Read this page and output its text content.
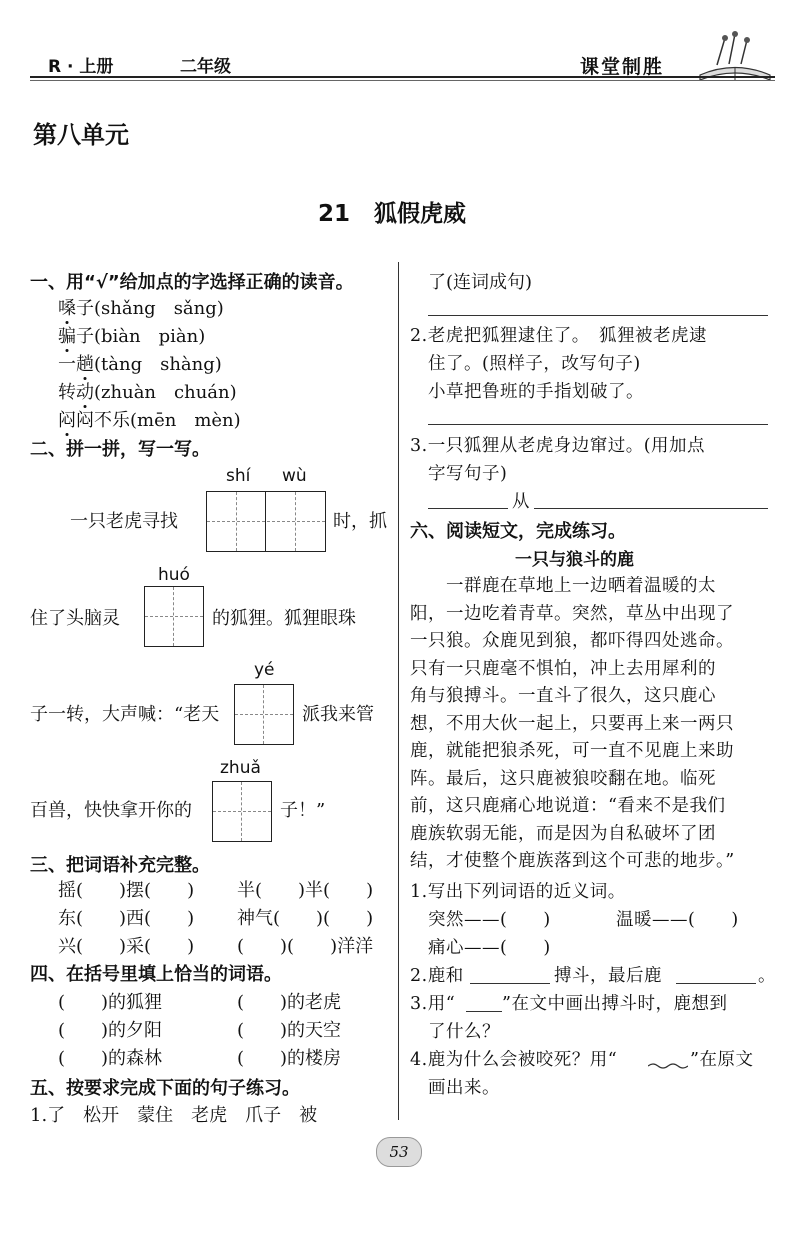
R · 上册	二年级	课堂制胜
第八单元
21 狐假虎威
一、用“√”给加点的字选择正确的读音。
嗓子(shǎng　sǎng)
骗子(biàn　piàn)
一趟(tàng　shàng)
转动(zhuàn　chuán)
闷闷不乐(mēn　mèn)
二、拼一拼，写一写。
shí wù
一只老虎寻找	时，抓
huó
住了头脑灵	的狐狸。狐狸眼珠
yé
子一转，大声喊：“老天	派我来管
zhuǎ
百兽，快快拿开你的	子！”
三、把词语补充完整。
摇(　　)摆(　　) 半(　　)半(　　)
东(　　)西(　　) 神气(　　)(　　)
兴(　　)采(　　) (　　)(　　)洋洋
四、在括号里填上恰当的词语。
(　　)的狐狸	(　　)的老虎
(　　)的夕阳	(　　)的天空
(　　)的森林	(　　)的楼房
五、按要求完成下面的句子练习。
1.了　松开　蒙住　老虎　爪子　被
了(连词成句)
2.老虎把狐狸逮住了。　狐狸被老虎逮
住了。(照样子，改写句子)
小草把鲁班的手指划破了。
3.一只狐狸从老虎身边窜过。(用加点
字写句子)
从
六、阅读短文，完成练习。
一只与狼斗的鹿
　　一群鹿在草地上一边晒着温暖的太
阳，一边吃着青草。突然，草丛中出现了
一只狼。众鹿见到狼，都吓得四处逃命。
只有一只鹿毫不惧怕，冲上去用犀利的
角与狼搏斗。一直斗了很久，这只鹿心
想，不用大伙一起上，只要再上来一两只
鹿，就能把狼杀死，可一直不见鹿上来助
阵。最后，这只鹿被狼咬翻在地。临死
前，这只鹿痛心地说道：“看来不是我们
鹿族软弱无能，而是因为自私破坏了团
结，才使整个鹿族落到这个可悲的地步。”
1.写出下列词语的近义词。
突然——(　　)	温暖——(　　)
痛心——(　　)
2.鹿和	搏斗，最后鹿	。
3.用“	”在文中画出搏斗时，鹿想到
了什么？
4.鹿为什么会被咬死？用“	”在原文
画出来。
53
